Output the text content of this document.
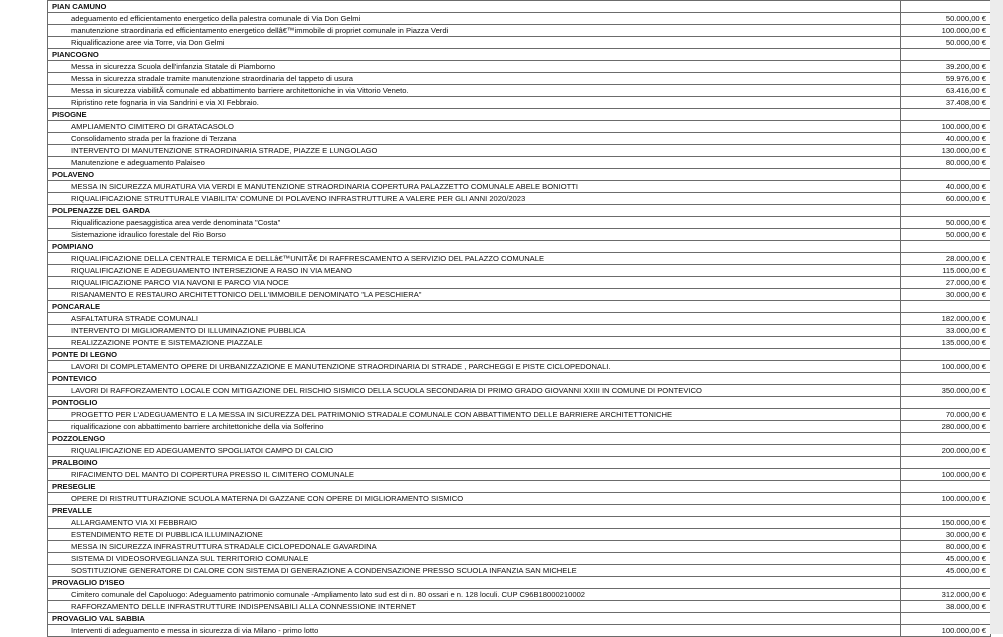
PIAN CAMUNO	
adeguamento ed efficientamento energetico della palestra comunale di Via Don Gelmi	50.000,00 €
manutenzione straordinaria ed efficientamento energetico dellâ€™immobile di propriet comunale in Piazza Verdi	100.000,00 €
Riqualificazione aree via Torre, via Don Gelmi	50.000,00 €
PIANCOGNO	
Messa in sicurezza Scuola dell'infanzia Statale di Piamborno	39.200,00 €
Messa in sicurezza stradale tramite manutenzione straordinaria del tappeto di usura	59.976,00 €
Messa in sicurezza viabilitÃ comunale ed abbattimento barriere architettoniche in via Vittorio Veneto.	63.416,00 €
Ripristino rete fognaria in via Sandrini e via XI Febbraio.	37.408,00 €
PISOGNE	
AMPLIAMENTO CIMITERO DI GRATACASOLO	100.000,00 €
Consolidamento strada per la frazione di Terzana	40.000,00 €
INTERVENTO DI MANUTENZIONE STRAORDINARIA STRADE, PIAZZE E LUNGOLAGO	130.000,00 €
Manutenzione e adeguamento Palaiseo	80.000,00 €
POLAVENO	
MESSA IN SICUREZZA MURATURA VIA VERDI E MANUTENZIONE STRAORDINARIA COPERTURA PALAZZETTO COMUNALE ABELE BONIOTTI	40.000,00 €
RIQUALIFICAZIONE STRUTTURALE VIABILITA' COMUNE DI POLAVENO INFRASTRUTTURE A VALERE PER GLI ANNI 2020/2023	60.000,00 €
POLPENAZZE DEL GARDA	
Riqualificazione paesaggistica area verde denominata "Costa"	50.000,00 €
Sistemazione idraulico forestale del Rio Borso	50.000,00 €
POMPIANO	
RIQUALIFICAZIONE DELLA CENTRALE TERMICA E DELLâ€™UNITÃ€ DI RAFFRESCAMENTO A SERVIZIO DEL PALAZZO COMUNALE	28.000,00 €
RIQUALIFICAZIONE E ADEGUAMENTO INTERSEZIONE A RASO IN VIA MEANO	115.000,00 €
RIQUALIFICAZIONE PARCO VIA NAVONI E PARCO VIA NOCE	27.000,00 €
RISANAMENTO E RESTAURO ARCHITETTONICO DELL'IMMOBILE DENOMINATO "LA PESCHIERA"	30.000,00 €
PONCARALE	
ASFALTATURA STRADE COMUNALI	182.000,00 €
INTERVENTO DI MIGLIORAMENTO DI ILLUMINAZIONE PUBBLICA	33.000,00 €
REALIZZAZIONE PONTE E SISTEMAZIONE PIAZZALE	135.000,00 €
PONTE DI LEGNO	
LAVORI DI COMPLETAMENTO OPERE DI URBANIZZAZIONE E MANUTENZIONE STRAORDINARIA DI STRADE , PARCHEGGI E PISTE CICLOPEDONALI.	100.000,00 €
PONTEVICO	
LAVORI DI RAFFORZAMENTO LOCALE CON MITIGAZIONE DEL RISCHIO SISMICO DELLA SCUOLA SECONDARIA DI PRIMO GRADO GIOVANNI XXIII IN COMUNE DI PONTEVICO	350.000,00 €
PONTOGLIO	
PROGETTO PER L'ADEGUAMENTO E LA MESSA IN SICUREZZA DEL PATRIMONIO STRADALE COMUNALE CON ABBATTIMENTO DELLE BARRIERE ARCHITETTONICHE	70.000,00 €
riqualificazione con abbattimento barriere architettoniche della via Solferino	280.000,00 €
POZZOLENGO	
RIQUALIFICAZIONE ED ADEGUAMENTO SPOGLIATOI CAMPO DI CALCIO	200.000,00 €
PRALBOINO	
RIFACIMENTO DEL MANTO DI COPERTURA PRESSO IL CIMITERO COMUNALE	100.000,00 €
PRESEGLIE	
OPERE DI RISTRUTTURAZIONE SCUOLA MATERNA DI GAZZANE CON OPERE DI MIGLIORAMENTO SISMICO	100.000,00 €
PREVALLE	
ALLARGAMENTO VIA XI FEBBRAIO	150.000,00 €
ESTENDIMENTO RETE DI PUBBLICA ILLUMINAZIONE	30.000,00 €
MESSA IN SICUREZZA INFRASTRUTTURA STRADALE CICLOPEDONALE GAVARDINA	80.000,00 €
SISTEMA DI VIDEOSORVEGLIANZA SUL TERRITORIO COMUNALE	45.000,00 €
SOSTITUZIONE GENERATORE DI CALORE CON SISTEMA DI GENERAZIONE A CONDENSAZIONE PRESSO SCUOLA INFANZIA SAN MICHELE	45.000,00 €
PROVAGLIO D'ISEO	
Cimitero comunale del Capoluogo: Adeguamento patrimonio comunale -Ampliamento lato sud est di n. 80 ossari e n. 128 loculi. CUP C96B18000210002	312.000,00 €
RAFFORZAMENTO DELLE INFRASTRUTTURE INDISPENSABILI ALLA CONNESSIONE INTERNET	38.000,00 €
PROVAGLIO VAL SABBIA	
Interventi di adeguamento e messa in sicurezza di via Milano - primo lotto	100.000,00 €
